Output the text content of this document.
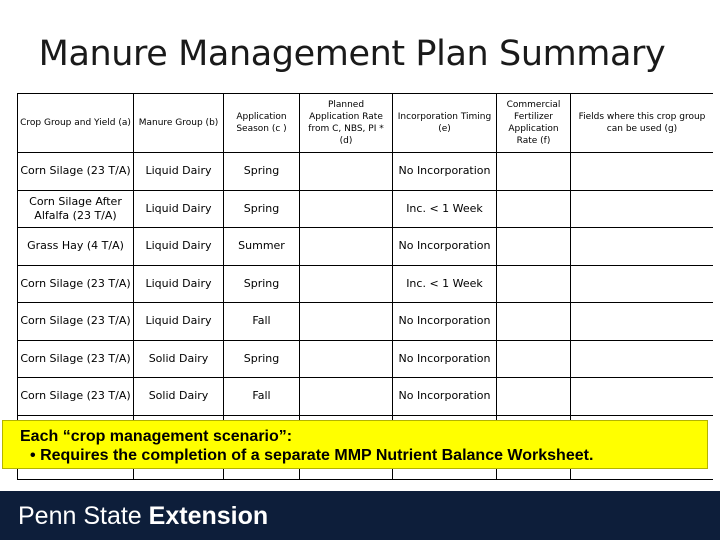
Manure Management Plan Summary
Crop Group and Yield (a)	Manure Group (b)	Application Season (c )	Planned Application Rate from C, NBS, PI * (d)	Incorporation Timing (e)	Commercial Fertilizer Application Rate (f)	Fields where this crop group can be used (g)
Corn Silage (23 T/A)	Liquid Dairy	Spring		No Incorporation		
Corn Silage After Alfalfa (23 T/A)	Liquid Dairy	Spring		Inc. < 1 Week		
Grass Hay (4 T/A)	Liquid Dairy	Summer		No Incorporation		
Corn Silage (23 T/A)	Liquid Dairy	Spring		Inc. < 1 Week		
Corn Silage (23 T/A)	Liquid Dairy	Fall		No Incorporation		
Corn Silage (23 T/A)	Solid Dairy	Spring		No Incorporation		
Corn Silage (23 T/A)	Solid Dairy	Fall		No Incorporation		

Each “crop management scenario”:
• Requires the completion of a separate MMP Nutrient Balance Worksheet.
Penn State Extension
